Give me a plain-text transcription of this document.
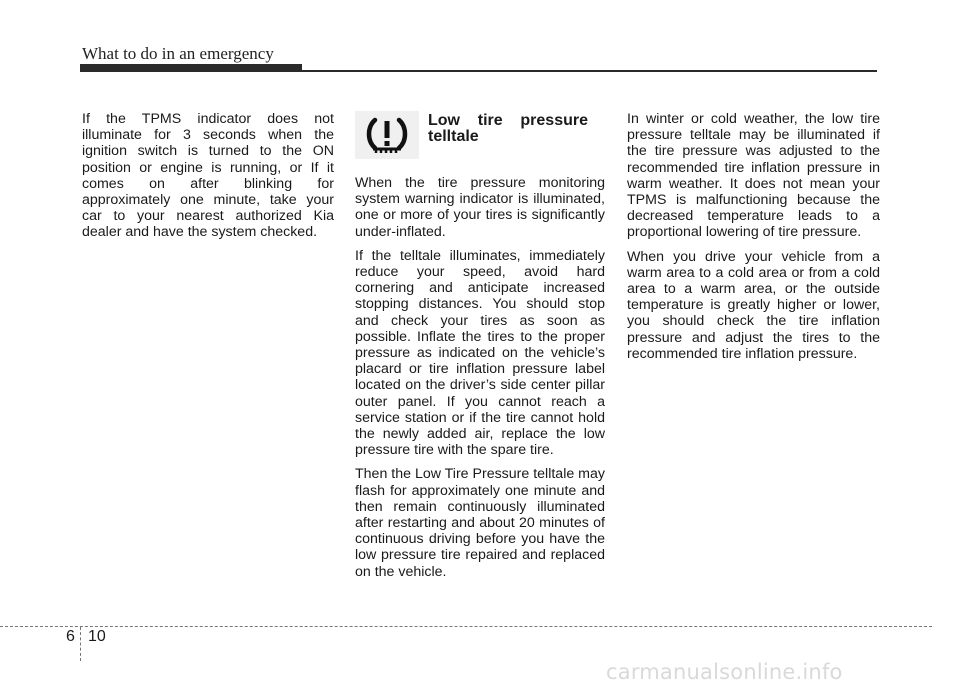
What to do in an emergency

If the TPMS indicator does not illuminate for 3 seconds when the ignition switch is turned to the ON position or engine is running, or If it comes on after blinking for approximately one minute, take your car to your nearest authorized Kia dealer and have the system checked.

Low tire pressure telltale

When the tire pressure monitoring system warning indicator is illuminated, one or more of your tires is significantly under-inflated.

If the telltale illuminates, immediately reduce your speed, avoid hard cornering and anticipate increased stopping distances. You should stop and check your tires as soon as possible. Inflate the tires to the proper pressure as indicated on the vehicle’s placard or tire inflation pressure label located on the driver’s side center pillar outer panel. If you cannot reach a service station or if the tire cannot hold the newly added air, replace the low pressure tire with the spare tire.

Then the Low Tire Pressure telltale may flash for approximately one minute and then remain continuously illuminated after restarting and about 20 minutes of continuous driving before you have the low pressure tire repaired and replaced on the vehicle.

In winter or cold weather, the low tire pressure telltale may be illuminated if the tire pressure was adjusted to the recommended tire inflation pressure in warm weather. It does not mean your TPMS is malfunctioning because the decreased temperature leads to a proportional lowering of tire pressure.

When you drive your vehicle from a warm area to a cold area or from a cold area to a warm area, or the outside temperature is greatly higher or lower, you should check the tire inflation pressure and adjust the tires to the recommended tire inflation pressure.

6 10
carmanualsonline.info
